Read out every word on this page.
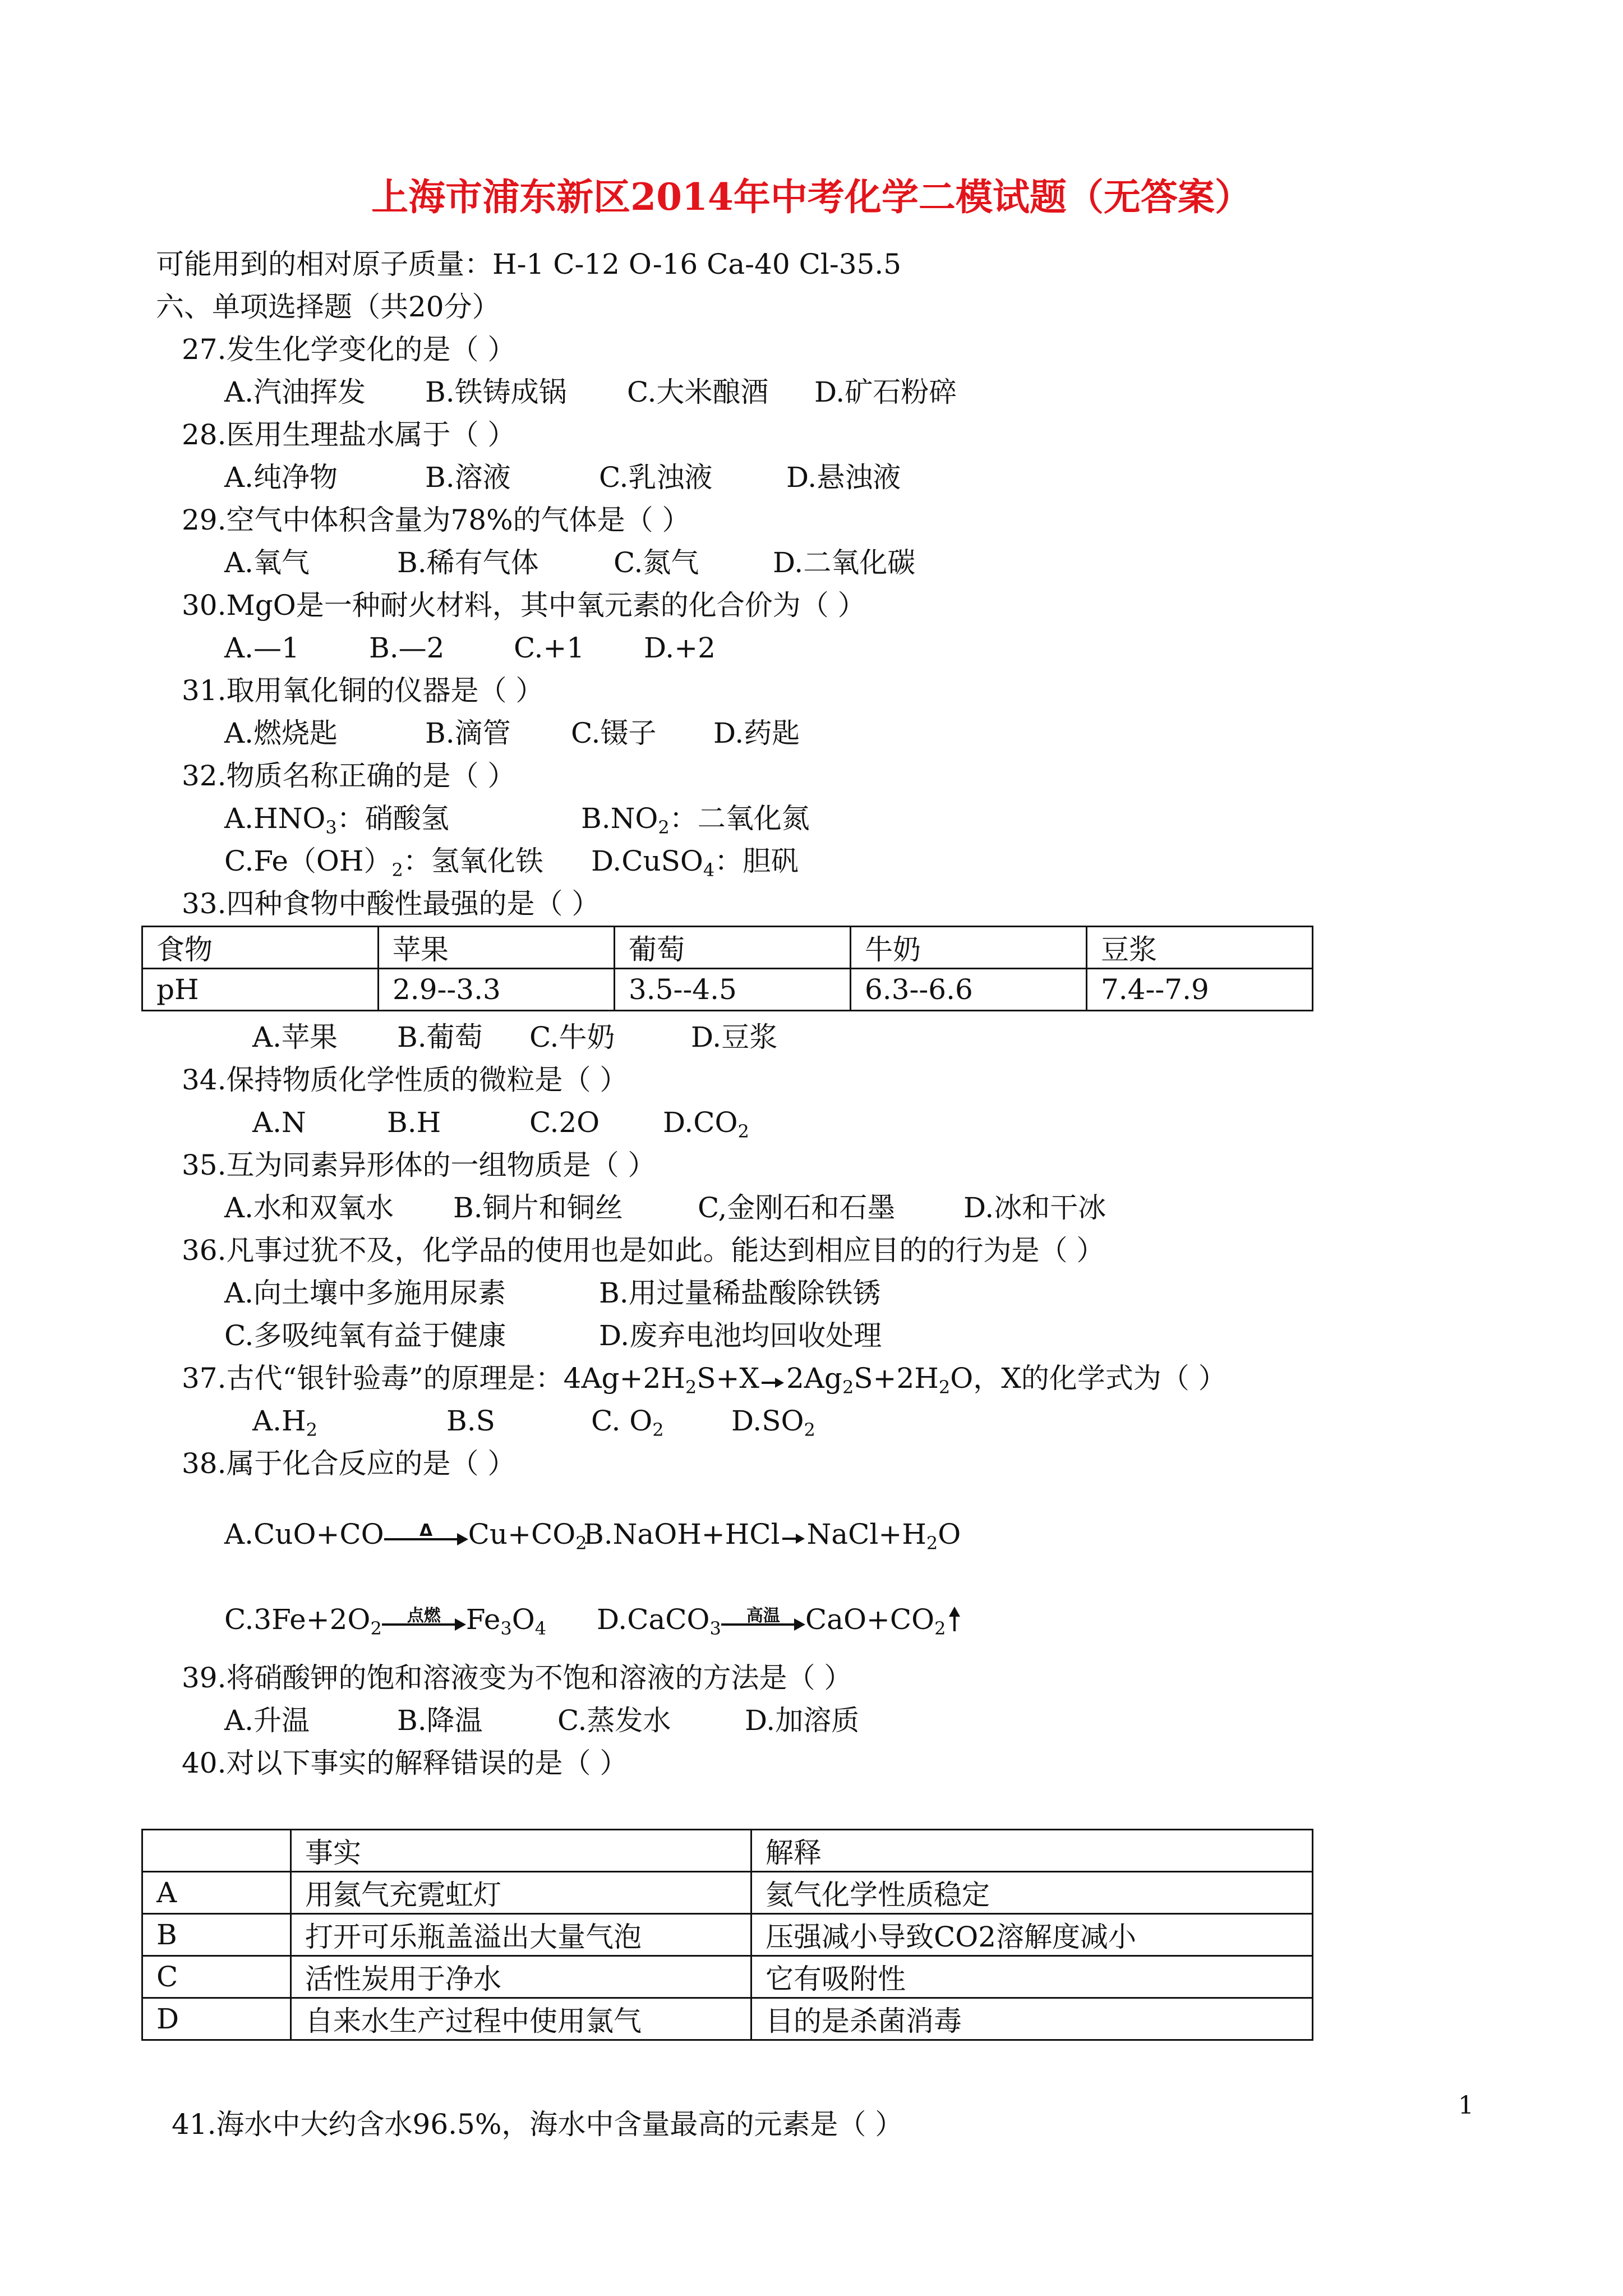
上海市浦东新区2014年中考化学二模试题（无答案）
可能用到的相对原子质量：H-1 C-12 O-16 Ca-40 Cl-35.5
六、单项选择题（共20分）
27.发生化学变化的是（ ）
A.汽油挥发 B.铁铸成锅 C.大米酿酒 D.矿石粉碎
28.医用生理盐水属于（ ）
A.纯净物	B.溶液	C.乳浊液	D.悬浊液
29.空气中体积含量为78%的气体是（ ）
A.氧气	B.稀有气体	C.氮气	D.二氧化碳
30.MgO是一种耐火材料，其中氧元素的化合价为（ ）
A.—1 B.—2 C.+1 D.+2
31.取用氧化铜的仪器是（ ）
A.燃烧匙	B.滴管 C.镊子 D.药匙
32.物质名称正确的是（ ）
$A.HNO_3$：硝酸氢	$B.NO_2$：二氧化氮
$C.Fe(OH)_2$：氢氧化铁 D.CuSO$_4$：胆矾
33.四种食物中酸性最强的是（ ）
食物	苹果	葡萄	牛奶	豆浆
pH	2.9--3.3	3.5--4.5	6.3--6.6	7.4--7.9
A.苹果 B.葡萄 C.牛奶	D.豆浆
34.保持物质化学性质的微粒是（ ）
A.N	B.H	C.2O $D.CO_2$
35.互为同素异形体的一组物质是（ ）
A.水和双氧水 B.铜片和铜丝	C,金刚石和石墨 D.冰和干冰
36.凡事过犹不及，化学品的使用也是如此。能达到相应目的的行为是（ ）
A.向土壤中多施用尿素	B.用过量稀盐酸除铁锈
C.多吸纯氧有益于健康	D.废弃电池均回收处理
37.古代“银针验毒”的原理是：$4Ag+2H_2S+X$ $2Ag_2S+2H_2O$，X的化学式为（ ）
$A.H_2$	B.S	C. $O_2$ $D.SO_2$
38.属于化合反应的是（ ）
A.CuO+CO	Δ	$Cu+CO_2$
B.NaOH+HCl $NaCl+H_2O$
$C.3Fe+2O_2$
点燃 $Fe_3O_4$ D.CaCO$_3$
高温 $CaO+CO_2$
39.将硝酸钾的饱和溶液变为不饱和溶液的方法是（ ）
A.升温	B.降温	C.蒸发水	D.加溶质
40.对以下事实的解释错误的是（ ）
	事实	解释
A	用氦气充霓虹灯	氦气化学性质稳定
B	打开可乐瓶盖溢出大量气泡	压强减小导致CO2溶解度减小
C	活性炭用于净水	它有吸附性
D	自来水生产过程中使用氯气	目的是杀菌消毒
41.海水中大约含水96.5%，海水中含量最高的元素是（ ）
1
